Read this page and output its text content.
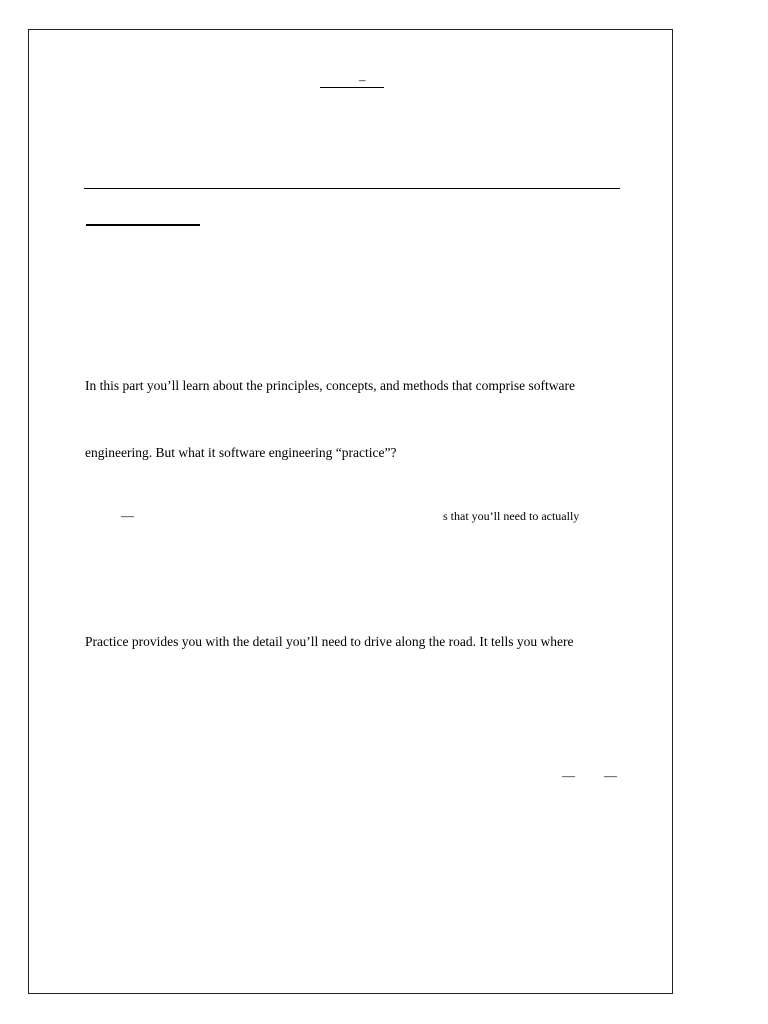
–
In this part you’ll learn about the principles, concepts, and methods that comprise software
engineering. But what it software engineering “practice”?
—	s that you’ll need to actually
Practice provides you with the detail you’ll need to drive along the road. It tells you where
— —
